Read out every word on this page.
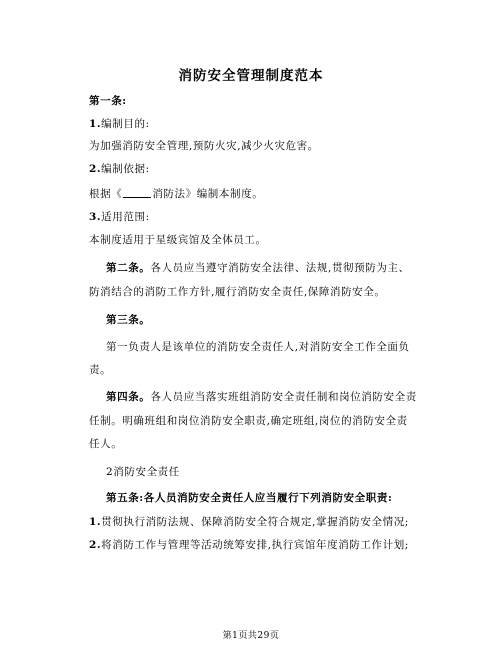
消防安全管理制度范本
第一条:
1.编制目的:
为加强消防安全管理,预防火灾,减少火灾危害。
2.编制依据:
根据《	消防法》编制本制度。
3.适用范围:
本制度适用于星级宾馆及全体员工。
第二条。各人员应当遵守消防安全法律、法规,贯彻预防为主、
防消结合的消防工作方针,履行消防安全责任,保障消防安全。
第三条。
第一负责人是该单位的消防安全责任人,对消防安全工作全面负
责。
第四条。各人员应当落实班组消防安全责任制和岗位消防安全责
任制。明确班组和岗位消防安全职责,确定班组,岗位的消防安全责
任人。
2消防安全责任
第五条:各人员消防安全责任人应当履行下列消防安全职责:
1.贯彻执行消防法规、保障消防安全符合规定,掌握消防安全情况;
2.将消防工作与管理等活动统筹安排,执行宾馆年度消防工作计划;
第1页共29页
